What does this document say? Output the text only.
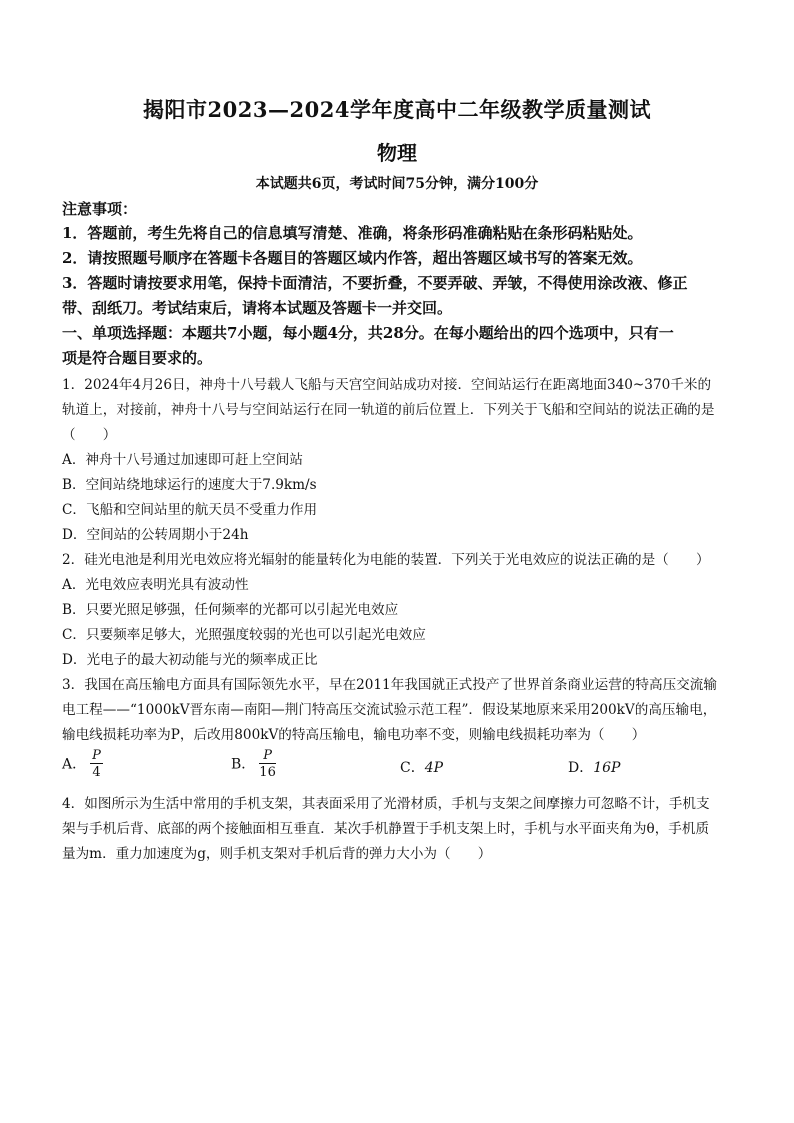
揭阳市2023—2024学年度高中二年级教学质量测试
物理
本试题共6页，考试时间75分钟，满分100分
注意事项：
1．答题前，考生先将自己的信息填写清楚、准确，将条形码准确粘贴在条形码粘贴处。
2．请按照题号顺序在答题卡各题目的答题区域内作答，超出答题区域书写的答案无效。
3．答题时请按要求用笔，保持卡面清洁，不要折叠，不要弄破、弄皱，不得使用涂改液、修正
带、刮纸刀。考试结束后，请将本试题及答题卡一并交回。
一、单项选择题：本题共7小题，每小题4分，共28分。在每小题给出的四个选项中，只有一
项是符合题目要求的。
1．2024年4月26日，神舟十八号载人飞船与天宫空间站成功对接．空间站运行在距离地面340~370千米的
轨道上，对接前，神舟十八号与空间站运行在同一轨道的前后位置上．下列关于飞船和空间站的说法正确的是
（　　）
A．神舟十八号通过加速即可赶上空间站
B．空间站绕地球运行的速度大于7.9km/s
C．飞船和空间站里的航天员不受重力作用
D．空间站的公转周期小于24h
2．硅光电池是利用光电效应将光辐射的能量转化为电能的装置．下列关于光电效应的说法正确的是（　　）
A．光电效应表明光具有波动性
B．只要光照足够强，任何频率的光都可以引起光电效应
C．只要频率足够大，光照强度较弱的光也可以引起光电效应
D．光电子的最大初动能与光的频率成正比
3．我国在高压输电方面具有国际领先水平，早在2011年我国就正式投产了世界首条商业运营的特高压交流输
电工程——“1000kV晋东南—南阳—荆门特高压交流试验示范工程”．假设某地原来采用200kV的高压输电，
输电线损耗功率为P，后改用800kV的特高压输电，输电功率不变，则输电线损耗功率为（　　）
A． $\frac{P}{4}$	B． $\frac{P}{16}$	C．4P	D．16P
4．如图所示为生活中常用的手机支架，其表面采用了光滑材质，手机与支架之间摩擦力可忽略不计，手机支
架与手机后背、底部的两个接触面相互垂直．某次手机静置于手机支架上时，手机与水平面夹角为θ，手机质
量为m．重力加速度为g，则手机支架对手机后背的弹力大小为（　　）
